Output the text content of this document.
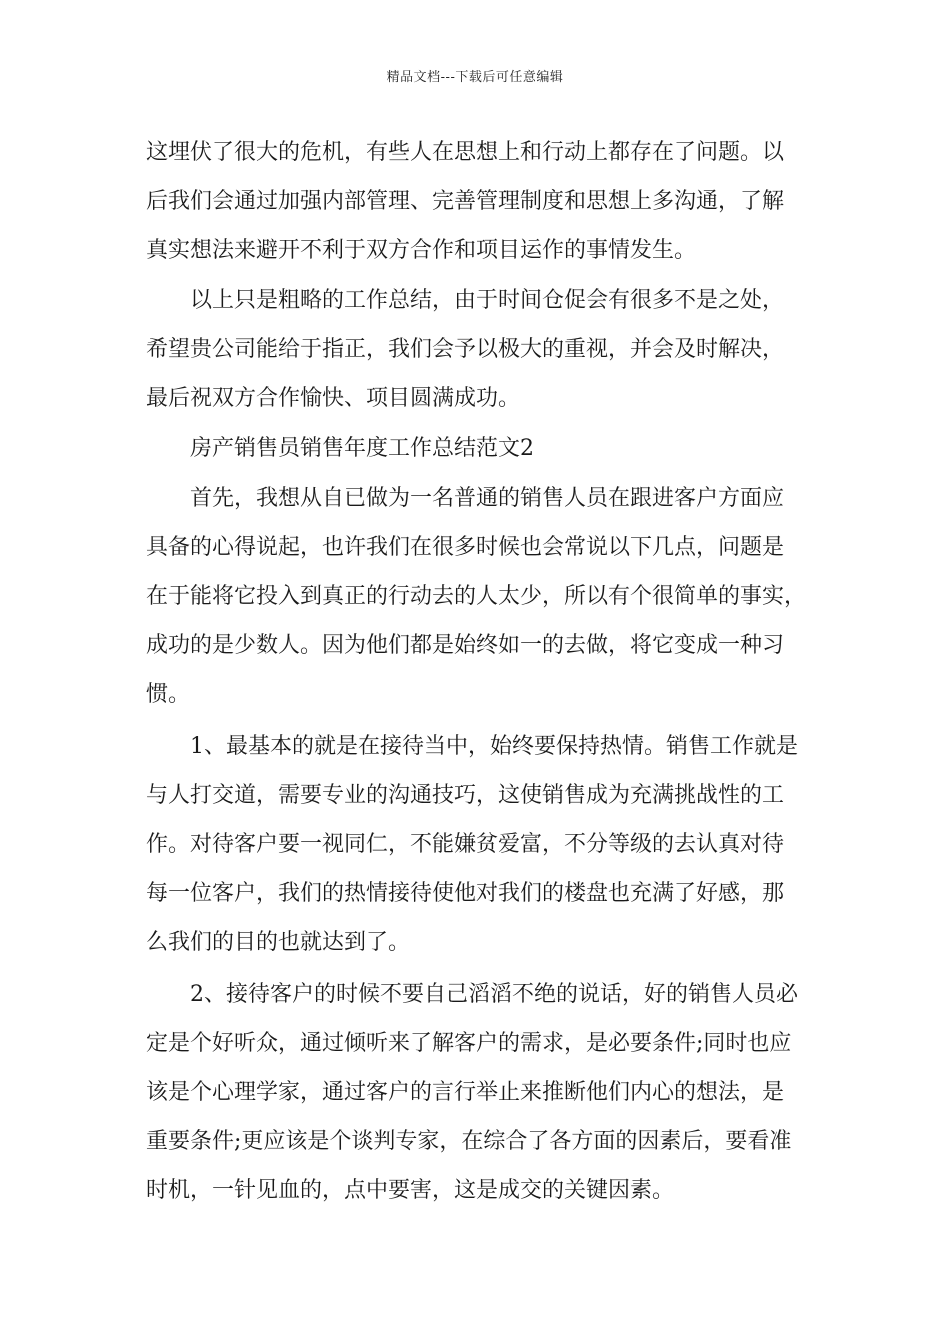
精品文档---下载后可任意编辑
这埋伏了很大的危机，有些人在思想上和行动上都存在了问题。以
后我们会通过加强内部管理、完善管理制度和思想上多沟通，了解
真实想法来避开不利于双方合作和项目运作的事情发生。
以上只是粗略的工作总结，由于时间仓促会有很多不是之处，
希望贵公司能给于指正，我们会予以极大的重视，并会及时解决，
最后祝双方合作愉快、项目圆满成功。
房产销售员销售年度工作总结范文2
首先，我想从自已做为一名普通的销售人员在跟进客户方面应
具备的心得说起，也许我们在很多时候也会常说以下几点，问题是
在于能将它投入到真正的行动去的人太少，所以有个很简单的事实，
成功的是少数人。因为他们都是始终如一的去做，将它变成一种习
惯。
1、最基本的就是在接待当中，始终要保持热情。销售工作就是
与人打交道，需要专业的沟通技巧，这使销售成为充满挑战性的工
作。对待客户要一视同仁，不能嫌贫爱富，不分等级的去认真对待
每一位客户，我们的热情接待使他对我们的楼盘也充满了好感，那
么我们的目的也就达到了。
2、接待客户的时候不要自己滔滔不绝的说话，好的销售人员必
定是个好听众，通过倾听来了解客户的需求，是必要条件;同时也应
该是个心理学家，通过客户的言行举止来推断他们内心的想法，是
重要条件;更应该是个谈判专家，在综合了各方面的因素后，要看准
时机，一针见血的，点中要害，这是成交的关键因素。
